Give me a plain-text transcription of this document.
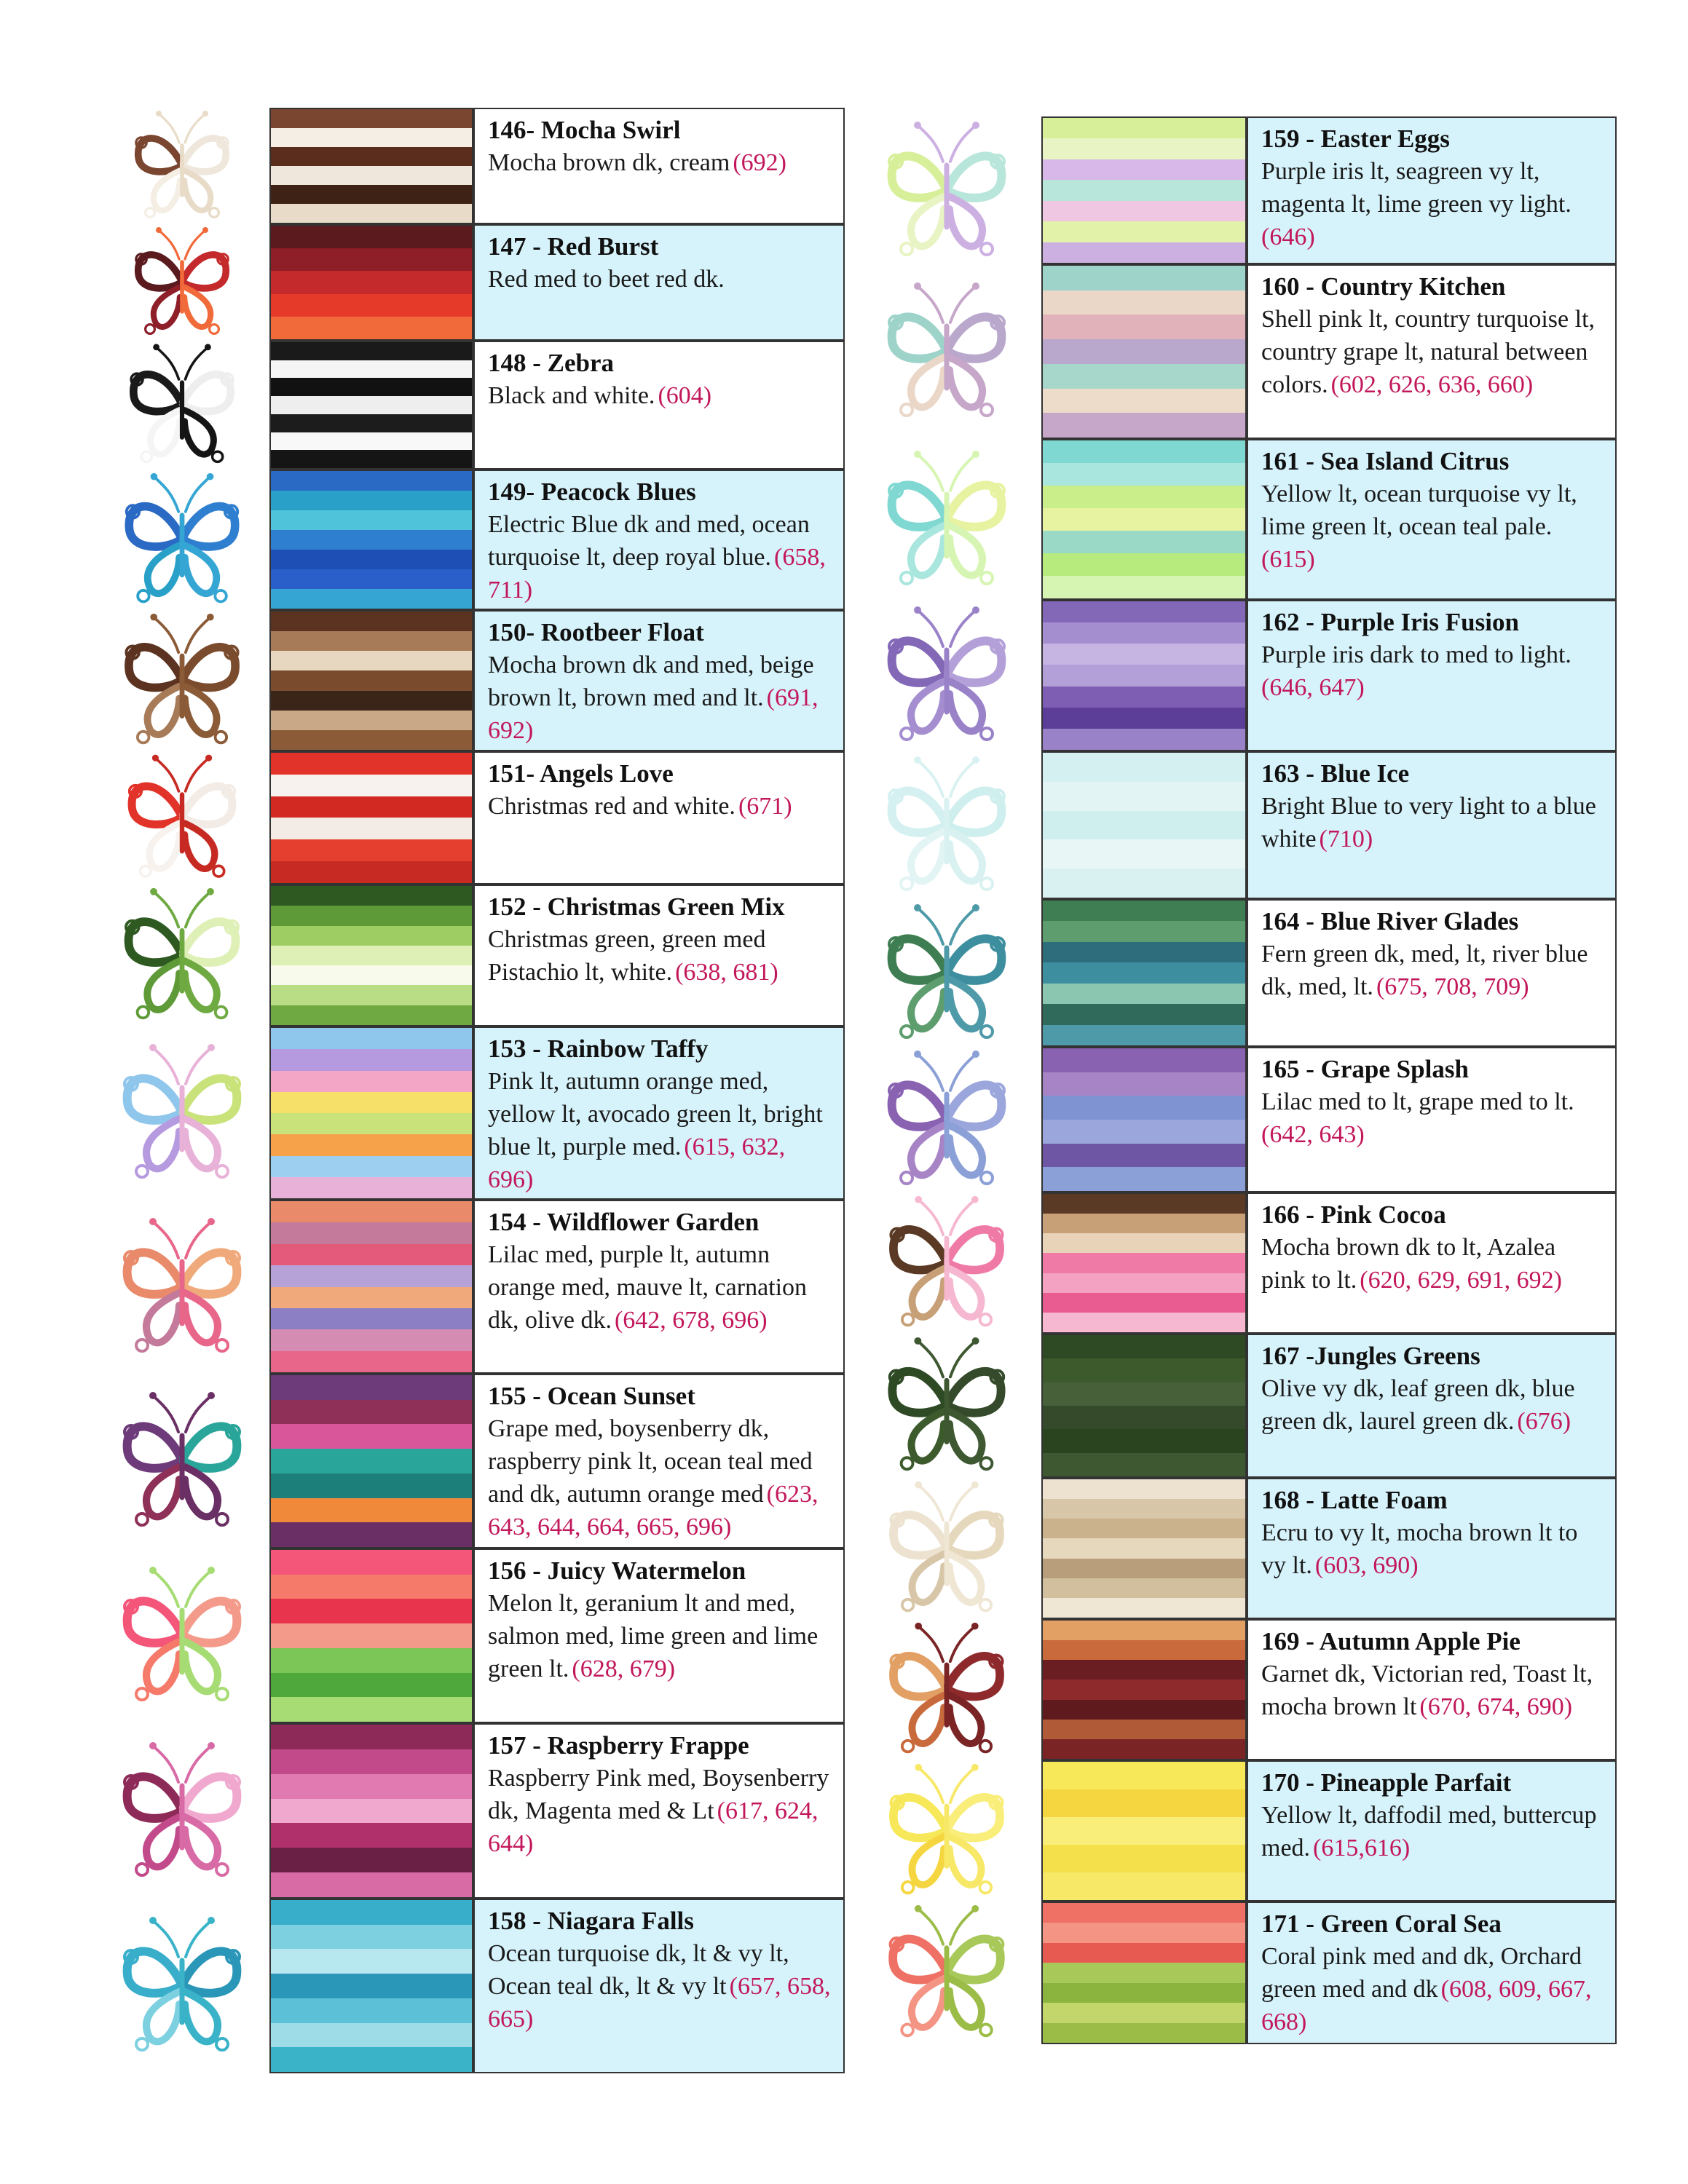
146- Mocha Swirl
Mocha brown dk, cream (692)
147 - Red Burst
Red med to beet red dk.
148 - Zebra
Black and white. (604)
149- Peacock Blues
Electric Blue dk and med, ocean turquoise lt, deep royal blue. (658, 711)
150- Rootbeer Float
Mocha brown dk and med, beige brown lt, brown med and lt. (691, 692)
151- Angels Love
Christmas red and white. (671)
152 - Christmas Green Mix
Christmas green, green med Pistachio lt, white. (638, 681)
153 - Rainbow Taffy
Pink lt, autumn orange med, yellow lt, avocado green lt, bright blue lt, purple med. (615, 632, 696)
154 - Wildflower Garden
Lilac med, purple lt, autumn orange med, mauve lt, carnation dk, olive dk. (642, 678, 696)
155 - Ocean Sunset
Grape med, boysenberry dk, raspberry pink lt, ocean teal med and dk, autumn orange med (623, 643, 644, 664, 665, 696)
156 - Juicy Watermelon
Melon lt, geranium lt and med, salmon med, lime green and lime green lt. (628, 679)
157 - Raspberry Frappe
Raspberry Pink med, Boysenberry dk, Magenta med & Lt (617, 624, 644)
158 - Niagara Falls
Ocean turquoise dk, lt & vy lt, Ocean teal dk, lt & vy lt (657, 658, 665)
159 - Easter Eggs
Purple iris lt, seagreen vy lt, magenta lt, lime green vy light. (646)
160 - Country Kitchen
Shell pink lt, country turquoise lt, country grape lt, natural between colors. (602, 626, 636, 660)
161 - Sea Island Citrus
Yellow lt, ocean turquoise vy lt, lime green lt, ocean teal pale. (615)
162 - Purple Iris Fusion
Purple iris dark to med to light. (646, 647)
163 - Blue Ice
Bright Blue to very light to a blue white (710)
164 - Blue River Glades
Fern green dk, med, lt, river blue dk, med, lt. (675, 708, 709)
165 - Grape Splash
Lilac med to lt, grape med to lt. (642, 643)
166 - Pink Cocoa
Mocha brown dk to lt, Azalea pink to lt. (620, 629, 691, 692)
167 -Jungles Greens
Olive vy dk, leaf green dk, blue green dk, laurel green dk. (676)
168 - Latte Foam
Ecru to vy lt, mocha brown lt to vy lt. (603, 690)
169 - Autumn Apple Pie
Garnet dk, Victorian red, Toast lt, mocha brown lt (670, 674, 690)
170 - Pineapple Parfait
Yellow lt, daffodil med, buttercup med. (615,616)
171 - Green Coral Sea
Coral pink med and dk, Orchard green med and dk (608, 609, 667, 668)
